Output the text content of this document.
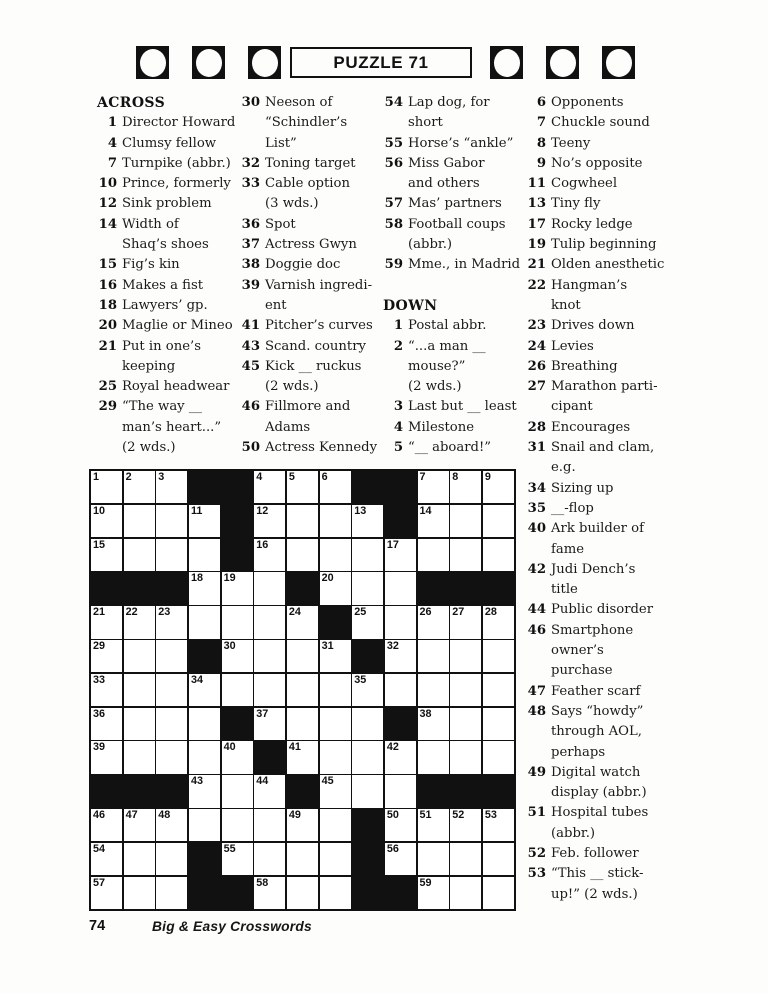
PUZZLE 71
ACROSS
1 Director Howard
4 Clumsy fellow
7 Turnpike (abbr.)
10 Prince, formerly
12 Sink problem
14 Width of
Shaq’s shoes
15 Fig’s kin
16 Makes a fist
18 Lawyers’ gp.
20 Maglie or Mineo
21 Put in one’s
keeping
25 Royal headwear
29 “The way __
man’s heart...”
(2 wds.)
30 Neeson of
“Schindler’s
List”
32 Toning target
33 Cable option
(3 wds.)
36 Spot
37 Actress Gwyn
38 Doggie doc
39 Varnish ingredi-
ent
41 Pitcher’s curves
43 Scand. country
45 Kick __ ruckus
(2 wds.)
46 Fillmore and
Adams
50 Actress Kennedy
54 Lap dog, for
short
55 Horse’s “ankle”
56 Miss Gabor
and others
57 Mas’ partners
58 Football coups
(abbr.)
59 Mme., in Madrid
DOWN
1 Postal abbr.
2 “...a man __
mouse?”
(2 wds.)
3 Last but __ least
4 Milestone
5 “__ aboard!”
6 Opponents
7 Chuckle sound
8 Teeny
9 No’s opposite
11 Cogwheel
13 Tiny fly
17 Rocky ledge
19 Tulip beginning
21 Olden anesthetic
22 Hangman’s
knot
23 Drives down
24 Levies
26 Breathing
27 Marathon parti-
cipant
28 Encourages
31 Snail and clam,
e.g.
34 Sizing up
35 __-flop
40 Ark builder of
fame
42 Judi Dench’s
title
44 Public disorder
46 Smartphone
owner’s
purchase
47 Feather scarf
48 Says “howdy”
through AOL,
perhaps
49 Digital watch
display (abbr.)
51 Hospital tubes
(abbr.)
52 Feb. follower
53 “This __ stick-
up!” (2 wds.)
1 2 3	4 5 6	7 8 9
10	11	12	13	14
15	16	17
18 19	20
21 22 23	24	25	26 27 28
29	30	31	32
33	34	35
36	37	38
39	40	41	42
43	44	45
46 47 48	49	50 51 52 53
54	55	56
57	58	59
74	Big & Easy Crosswords
